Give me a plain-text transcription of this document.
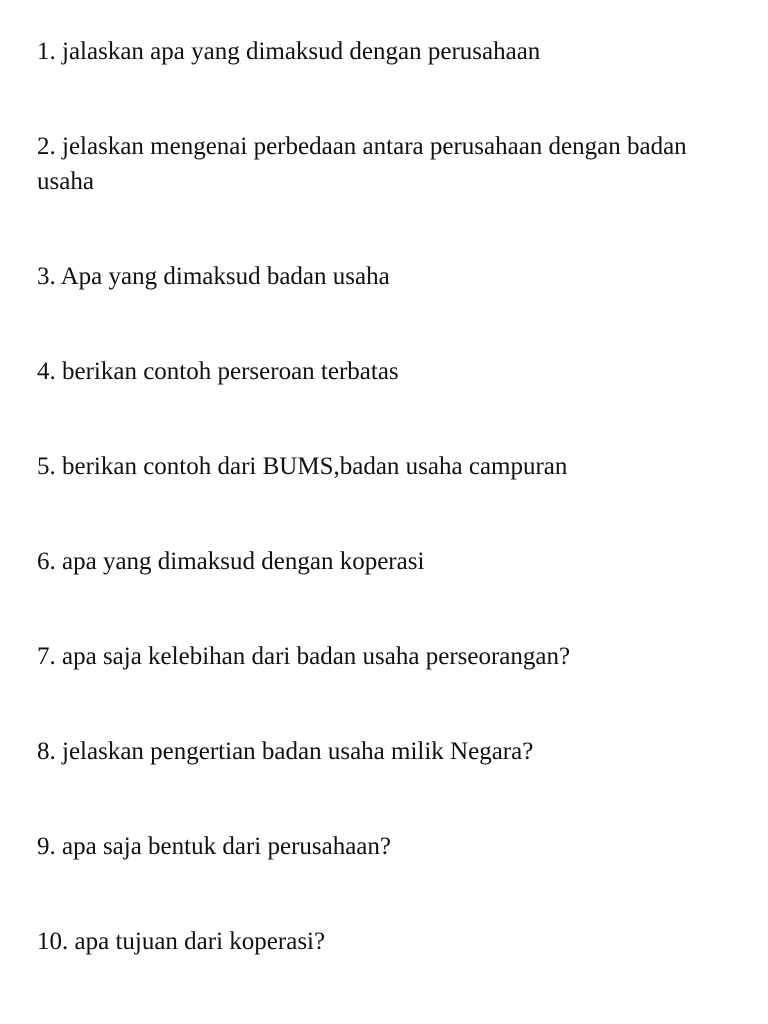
1. jalaskan apa yang dimaksud dengan perusahaan
2. jelaskan mengenai perbedaan antara perusahaan dengan badan usaha
3. Apa yang dimaksud badan usaha
4. berikan contoh perseroan terbatas
5. berikan contoh dari BUMS,badan usaha campuran
6. apa yang dimaksud dengan koperasi
7. apa saja kelebihan dari badan usaha perseorangan?
8. jelaskan pengertian badan usaha milik Negara?
9. apa saja bentuk dari perusahaan?
10. apa tujuan dari koperasi?
